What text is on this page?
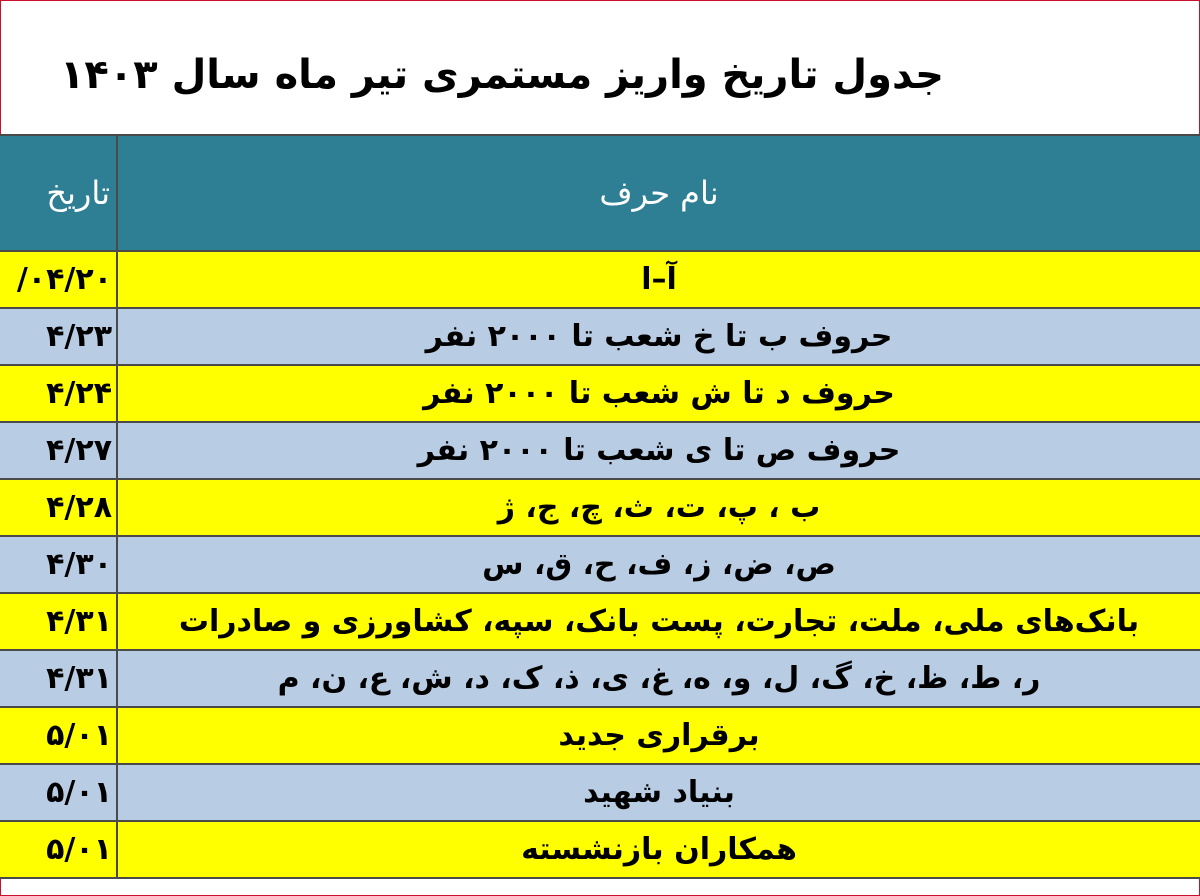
جدول تاریخ واریز مستمری تیر ماه سال ۱۴۰۳
تاریخ	نام حرف
/۰۴/۲۰	آ–ا
۴/۲۳	حروف ب تا خ شعب تا ۲۰۰۰ نفر
۴/۲۴	حروف د تا ش شعب تا ۲۰۰۰ نفر
۴/۲۷	حروف ص تا ی شعب تا ۲۰۰۰ نفر
۴/۲۸	ب ، پ، ت، ث، چ، ج، ژ
۴/۳۰	ص، ض، ز، ف، ح، ق، س
۴/۳۱	بانک‌های ملی، ملت، تجارت، پست بانک، سپه، کشاورزی و صادرات
۴/۳۱	ر، ط، ظ، خ، گ، ل، و، ه، غ، ی، ذ، ک، د، ش، ع، ن، م
۵/۰۱	برقراری جدید
۵/۰۱	بنیاد شهید
۵/۰۱	همکاران بازنشسته
